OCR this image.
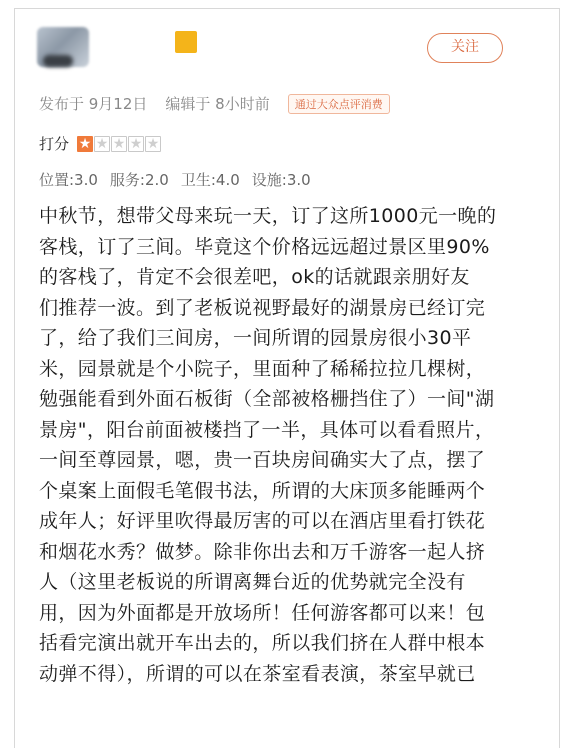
关注
发布于 9月12日 编辑于 8小时前	通过大众点评消费
打分 ★ ★ ★ ★ ★
位置:3.0 服务:2.0 卫生:4.0 设施:3.0
中秋节，想带父母来玩一天，订了这所1000元一晚的
客栈，订了三间。毕竟这个价格远远超过景区里90%
的客栈了，肯定不会很差吧，ok的话就跟亲朋好友
们推荐一波。到了老板说视野最好的湖景房已经订完
了，给了我们三间房，一间所谓的园景房很小30平
米，园景就是个小院子，里面种了稀稀拉拉几棵树，
勉强能看到外面石板街（全部被格栅挡住了）一间"湖
景房"，阳台前面被楼挡了一半，具体可以看看照片，
一间至尊园景，嗯，贵一百块房间确实大了点，摆了
个桌案上面假毛笔假书法，所谓的大床顶多能睡两个
成年人；好评里吹得最厉害的可以在酒店里看打铁花
和烟花水秀？做梦。除非你出去和万千游客一起人挤
人（这里老板说的所谓离舞台近的优势就完全没有
用，因为外面都是开放场所！任何游客都可以来！包
括看完演出就开车出去的，所以我们挤在人群中根本
动弹不得），所谓的可以在茶室看表演，茶室早就已
